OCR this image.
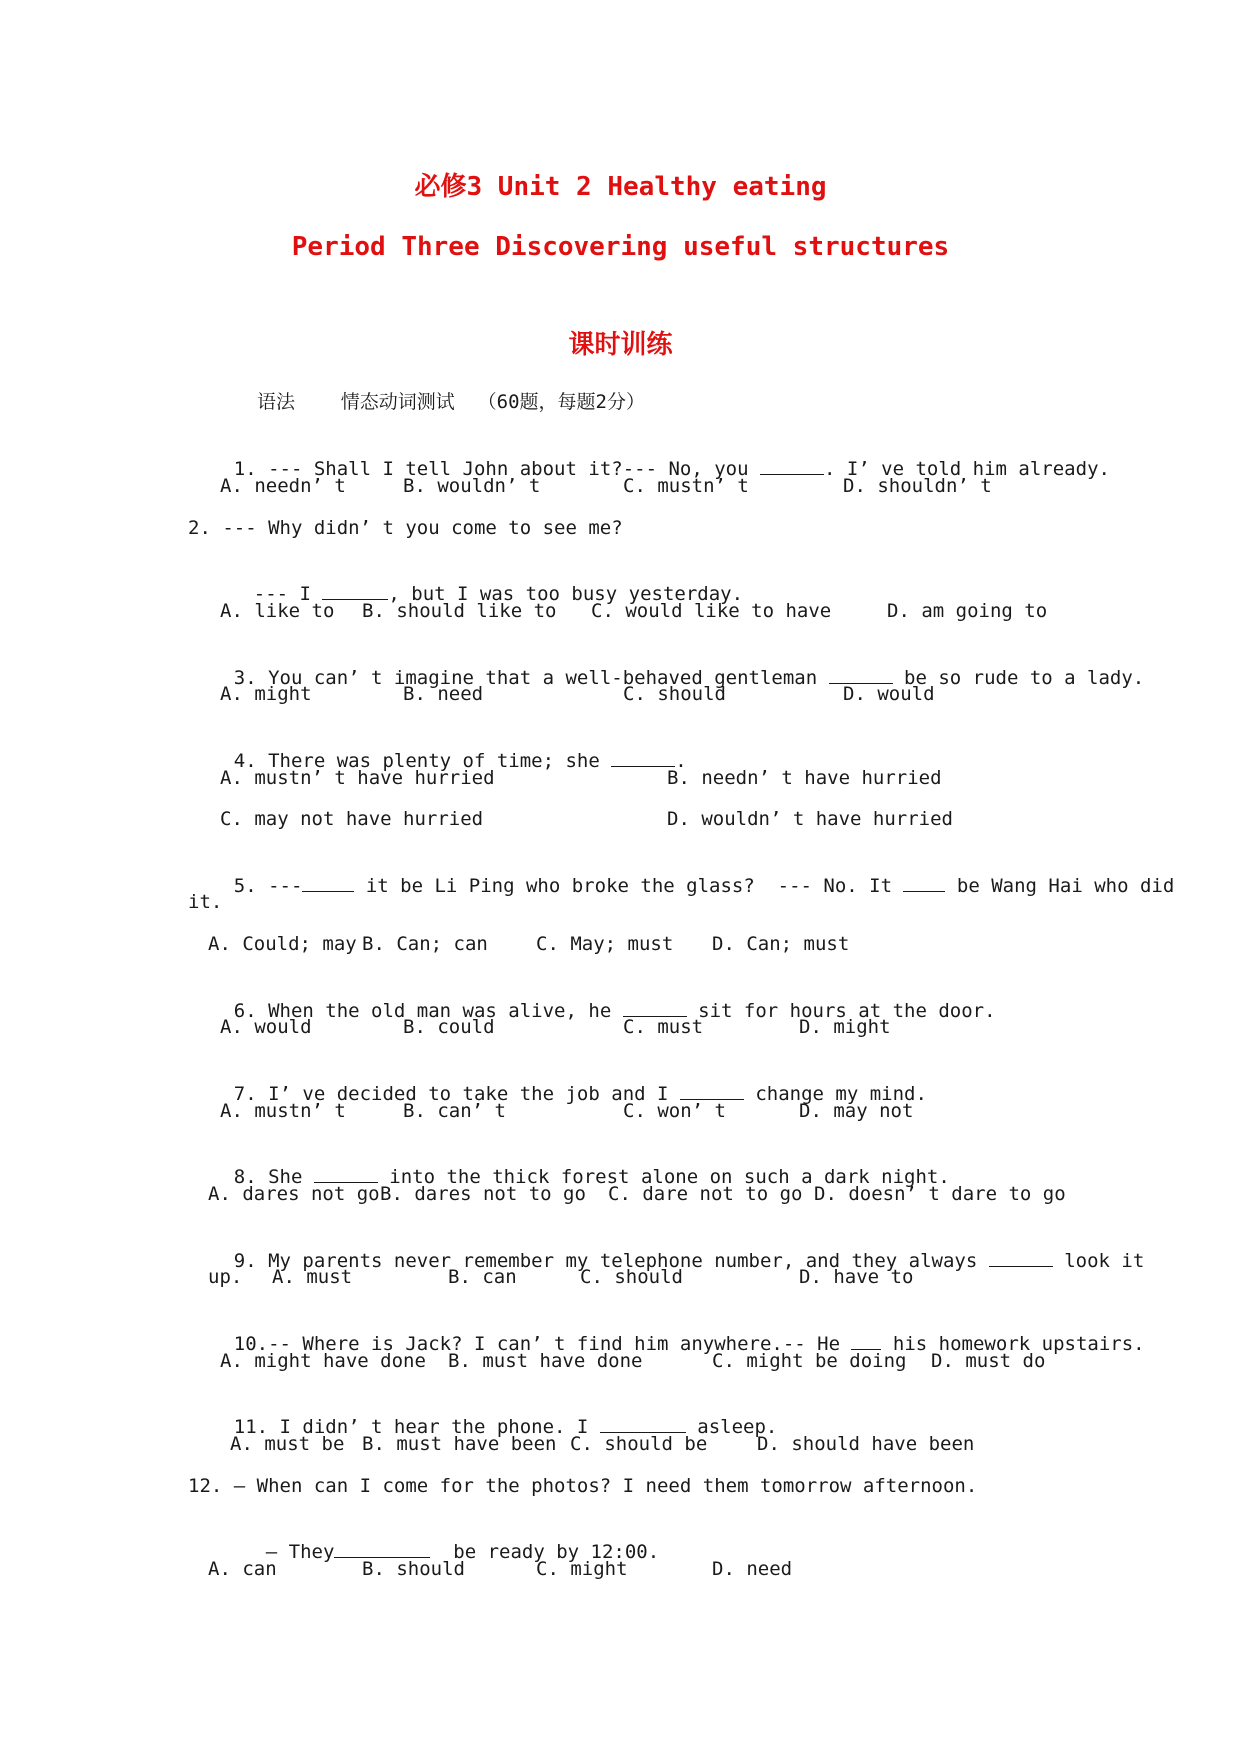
必修3 Unit 2 Healthy eating
Period Three Discovering useful structures
课时训练
语法    情态动词测试  （60题，每题2分）

1. --- Shall I tell John about it?--- No, you	. I’ ve told him already.

A. needn’ t	B. wouldn’ t	C. mustn’ t	D. shouldn’ t
2. --- Why didn’ t you come to see me?

--- I	, but I was too busy yesterday.

A. like to B. should like to C. would like to have	D. am going to

3. You can’ t imagine that a well-behaved gentleman	be so rude to a lady.

A. might	B. need	C. should	D. would

4. There was plenty of time; she	.

A. mustn’ t have hurried	B. needn’ t have hurried
C. may not have hurried	D. wouldn’ t have hurried

5. ---	it be Li Ping who broke the glass?  --- No. It  be Wang Hai who did

it.
A. Could; may B. Can; can	C. May; must D. Can; must

6. When the old man was alive, he	sit for hours at the door.

A. would	B. could	C. must	D. might

7. I’ ve decided to take the job and I	change my mind.

A. mustn’ t	B. can’ t	C. won’ t	D. may not

8. She	into the thick forest alone on such a dark night.

A. dares not go B. dares not to go C. dare not to go D. doesn’ t dare to go

9. My parents never remember my telephone number, and they always	look it

up. A. must	B. can	C. should	D. have to

10.-- Where is Jack? I can’ t find him anywhere.-- He  his homework upstairs.

A. might have done B. must have done	C. might be doing D. must do

11. I didn’ t hear the phone. I	asleep.

A. must be B. must have been C. should be	D. should have been
12. — When can I come for the photos? I need them tomorrow afternoon.

— They	be ready by 12:00.

A. can	B. should	C. might	D. need
